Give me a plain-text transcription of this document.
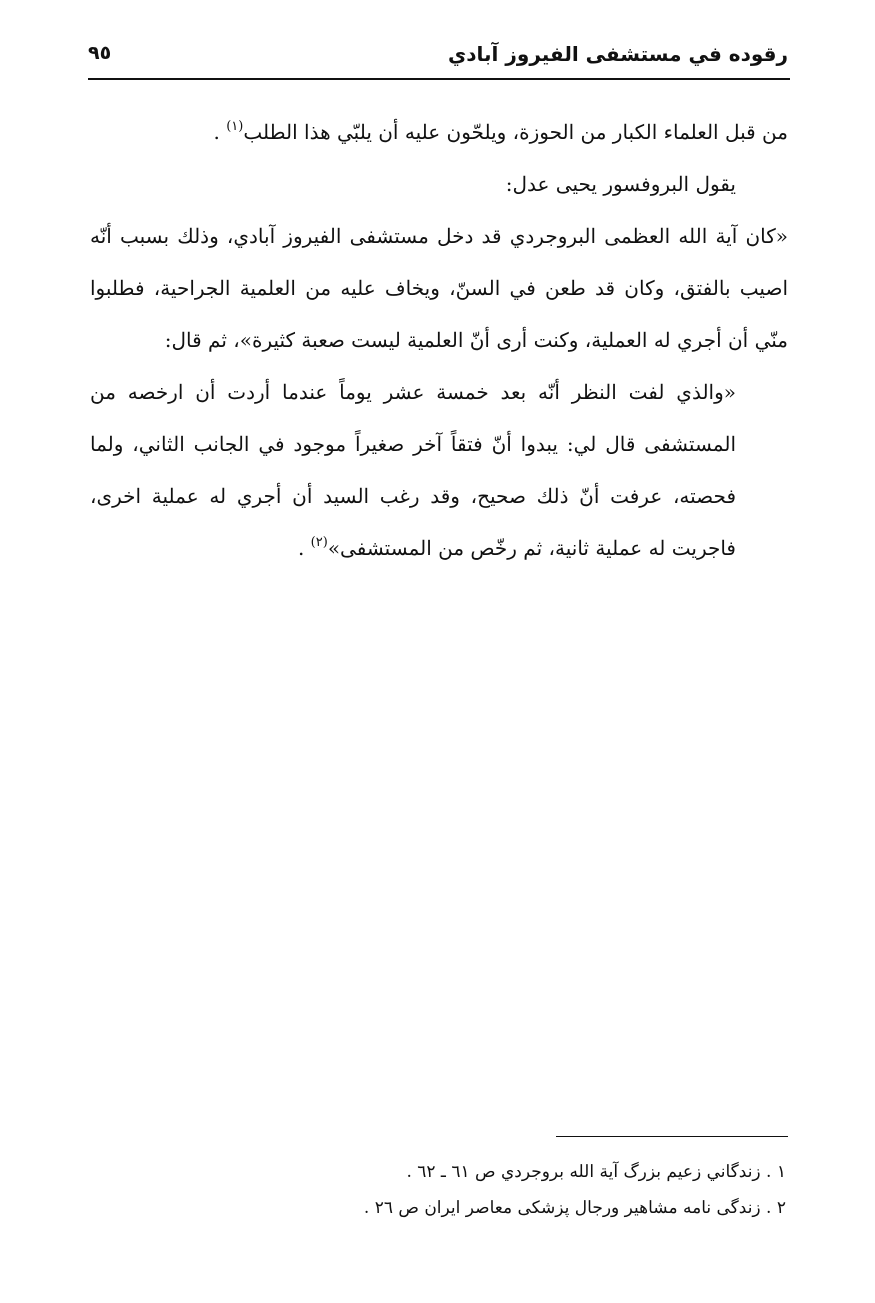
رقوده في مستشفى الفيروز آبادي
٩٥

من قبل العلماء الكبار من الحوزة، ويلحّون عليه أن يلبّي هذا الطلب$^{(١)}$ .

يقول البروفسور يحيى عدل:

«كان آية الله العظمى البروجردي قد دخل مستشفى الفيروز آبادي، وذلك بسبب أنّه اصيب بالفتق، وكان قد طعن في السنّ، ويخاف عليه من العلمية الجراحية، فطلبوا منّي أن أجري له العملية، وكنت أرى أنّ العلمية ليست صعبة كثيرة»، ثم قال:

«والذي لفت النظر أنّه بعد خمسة عشر يوماً عندما أردت أن ارخصه من المستشفى قال لي: يبدوا أنّ فتقاً آخر صغيراً موجود في الجانب الثاني، ولما فحصته، عرفت أنّ ذلك صحيح، وقد رغب السيد أن أجري له عملية اخرى، فاجريت له عملية ثانية، ثم رخّص من المستشفى»$^{(٢)}$ .

١ . زندگاني زعيم بزرگ آية الله بروجردي ص ٦١ ـ ٦٢ .

٢ . زندگى نامه مشاهير ورجال پزشكى معاصر ايران ص ٢٦ .
